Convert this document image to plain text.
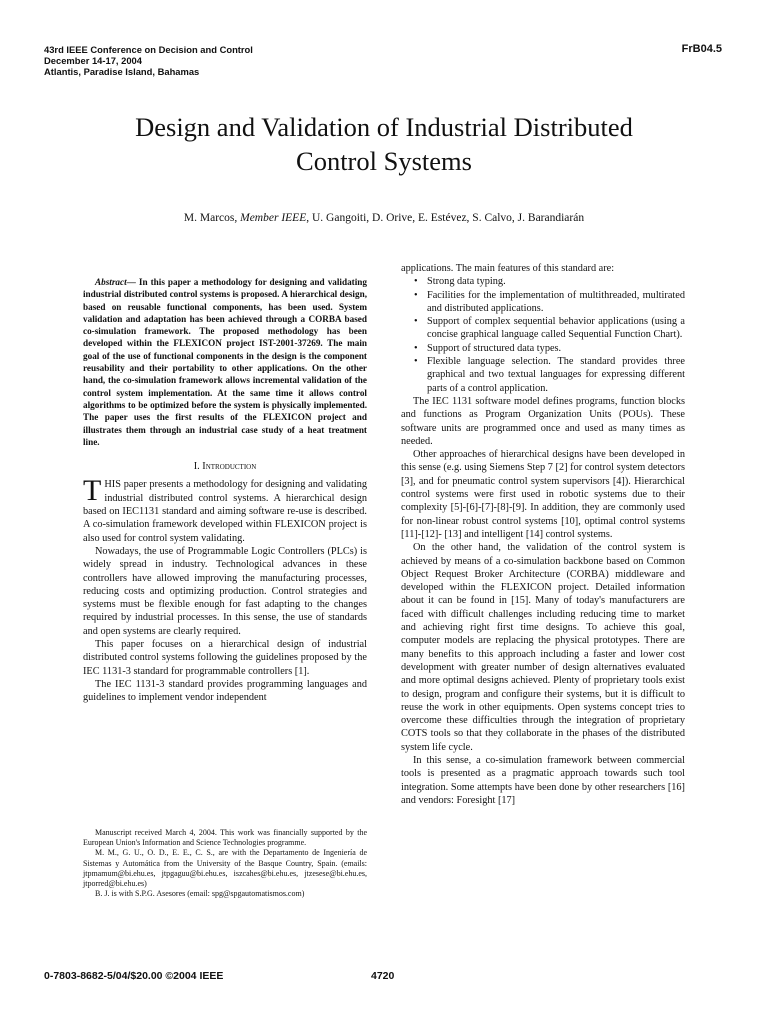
43rd IEEE Conference on Decision and Control
December 14-17, 2004
Atlantis, Paradise Island, Bahamas
FrB04.5
Design and Validation of Industrial Distributed
Control Systems
M. Marcos, Member IEEE, U. Gangoiti, D. Orive, E. Estévez, S. Calvo, J. Barandiarán

Abstract— In this paper a methodology for designing and validating industrial distributed control systems is proposed. A hierarchical design, based on reusable functional components, has been used. System validation and adaptation has been achieved through a CORBA based co-simulation framework. The proposed methodology has been developed within the FLEXICON project IST-2001-37269. The main goal of the use of functional components in the design is the component reusability and their portability to other applications. On the other hand, the co-simulation framework allows incremental validation of the control system implementation. At the same time it allows control algorithms to be optimized before the system is physically implemented. The paper uses the first results of the FLEXICON project and illustrates them through an industrial case study of a heat treatment line.

I. Introduction

THIS paper presents a methodology for designing and validating industrial distributed control systems. A hierarchical design based on IEC1131 standard and aiming software re-use is described. A co-simulation framework developed within FLEXICON project is also used for control system validating.

Nowadays, the use of Programmable Logic Controllers (PLCs) is widely spread in industry. Technological advances in these controllers have allowed improving the manufacturing processes, reducing costs and optimizing production. Control strategies and systems must be flexible enough for fast adapting to the changes required by industrial processes. In this sense, the use of standards and open systems are clearly required.

This paper focuses on a hierarchical design of industrial distributed control systems following the guidelines proposed by the IEC 1131-3 standard for programmable controllers [1].

The IEC 1131-3 standard provides programming languages and guidelines to implement vendor independent

Manuscript received March 4, 2004. This work was financially supported by the European Union's Information and Science Technologies programme.

M. M., G. U., O. D., E. E., C. S., are with the Departamento de Ingeniería de Sistemas y Automática from the University of the Basque Country, Spain. (emails: jtpmamum@bi.ehu.es, jtpgaguu@bi.ehu.es, iszcahes@bi.ehu.es, jtzesese@bi.ehu.es, jtporred@bi.ehu.es)

B. J. is with S.P.G. Asesores (email: spg@spgautomatismos.com)

applications. The main features of this standard are:

• Strong data typing.
• Facilities for the implementation of multithreaded, multirated and distributed applications.
• Support of complex sequential behavior applications (using a concise graphical language called Sequential Function Chart).
• Support of structured data types.
• Flexible language selection. The standard provides three graphical and two textual languages for expressing different parts of a control application.

The IEC 1131 software model defines programs, function blocks and functions as Program Organization Units (POUs). These software units are programmed once and used as many times as needed.

Other approaches of hierarchical designs have been developed in this sense (e.g. using Siemens Step 7 [2] for control system detectors [3], and for pneumatic control system supervisors [4]). Hierarchical control systems were first used in robotic systems due to their complexity [5]-[6]-[7]-[8]-[9]. In addition, they are commonly used for non-linear robust control systems [10], optimal control systems [11]-[12]- [13] and intelligent [14] control systems.

On the other hand, the validation of the control system is achieved by means of a co-simulation backbone based on Common Object Request Broker Architecture (CORBA) middleware and developed within the FLEXICON project. Detailed information about it can be found in [15]. Many of today's manufacturers are faced with difficult challenges including reducing time to market and achieving right first time designs. To achieve this goal, computer models are replacing the physical prototypes. There are many benefits to this approach including a faster and lower cost development with greater number of design alternatives evaluated and more optimal designs achieved. Plenty of proprietary tools exist to design, program and configure their systems, but it is difficult to reuse the work in other equipments. Open systems concept tries to overcome these difficulties through the integration of proprietary COTS tools so that they collaborate in the phases of the distributed system life cycle.

In this sense, a co-simulation framework between commercial tools is presented as a pragmatic approach towards such tool integration. Some attempts have been done by other researchers [16] and vendors: Foresight [17]

0-7803-8682-5/04/$20.00 ©2004 IEEE	4720
